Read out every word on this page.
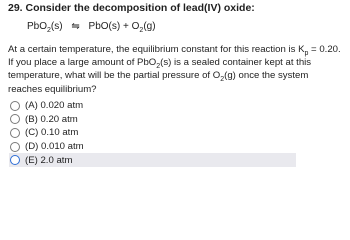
29. Consider the decomposition of lead(IV) oxide:
PbO$_2$(s) ⇋ $PbO(s) + O_2(g)$
At a certain temperature, the equilibrium constant for this reaction is $K_p = 0.20$. If you place a large amount of PbO$_2$(s) is a sealed container kept at this temperature, what will be the partial pressure of $O_2(g)$ once the system reaches equilibrium?
(A) 0.020 atm
(B) 0.20 atm
(C) 0.10 atm
(D) 0.010 atm
(E) 2.0 atm
